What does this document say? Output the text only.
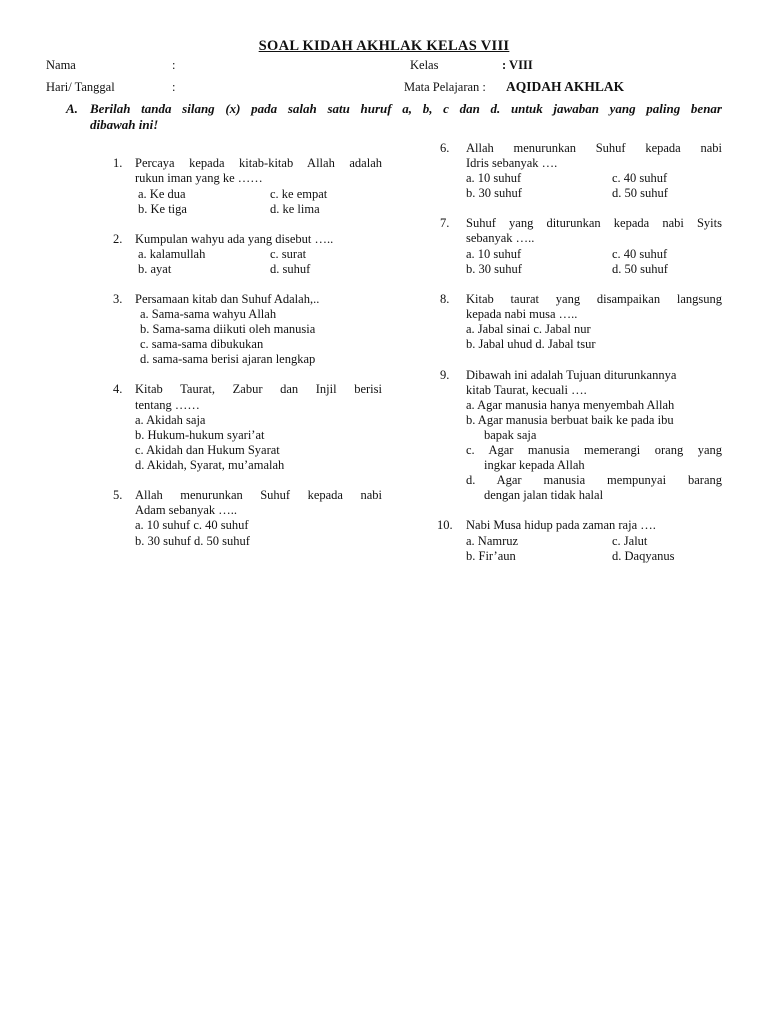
SOAL KIDAH AKHLAK KELAS VIII
Nama	:	Kelas	: VIII
Hari/ Tanggal	:	Mata Pelajaran : AQIDAH AKHLAK
A. Berilah tanda silang (x) pada salah satu huruf a, b, c dan d. untuk jawaban yang paling benar
dibawah ini!
1. Percaya kepada kitab-kitab Allah adalah
rukun iman yang ke ……
a. Ke dua	c. ke empat
b. Ke tiga	d. ke lima
2. Kumpulan wahyu ada yang disebut …..
a. kalamullah	c. surat
b. ayat	d. suhuf
3. Persamaan kitab dan Suhuf Adalah,..
a. Sama-sama wahyu Allah
b. Sama-sama diikuti oleh manusia
c. sama-sama dibukukan
d. sama-sama berisi ajaran lengkap
4. Kitab Taurat, Zabur dan Injil berisi
tentang ……
a. Akidah saja
b. Hukum-hukum syari’at
c. Akidah dan Hukum Syarat
d. Akidah, Syarat, mu’amalah
5. Allah menurunkan Suhuf kepada nabi
Adam sebanyak …..
a. 10 suhuf c. 40 suhuf
b. 30 suhuf d. 50 suhuf
6. Allah menurunkan Suhuf kepada nabi
Idris sebanyak ….
a. 10 suhuf	c. 40 suhuf
b. 30 suhuf	d. 50 suhuf
7. Suhuf yang diturunkan kepada nabi Syits
sebanyak …..
a. 10 suhuf	c. 40 suhuf
b. 30 suhuf	d. 50 suhuf
8. Kitab taurat yang disampaikan langsung
kepada nabi musa …..
a. Jabal sinai c. Jabal nur
b. Jabal uhud d. Jabal tsur
9. Dibawah ini adalah Tujuan diturunkannya
kitab Taurat, kecuali ….
a. Agar manusia hanya menyembah Allah
b. Agar manusia berbuat baik ke pada ibu
bapak saja
c. Agar manusia memerangi orang yang
ingkar kepada Allah
d. Agar manusia mempunyai barang
dengan jalan tidak halal
10. Nabi Musa hidup pada zaman raja ….
a. Namruz	c. Jalut
b. Fir’aun	d. Daqyanus
